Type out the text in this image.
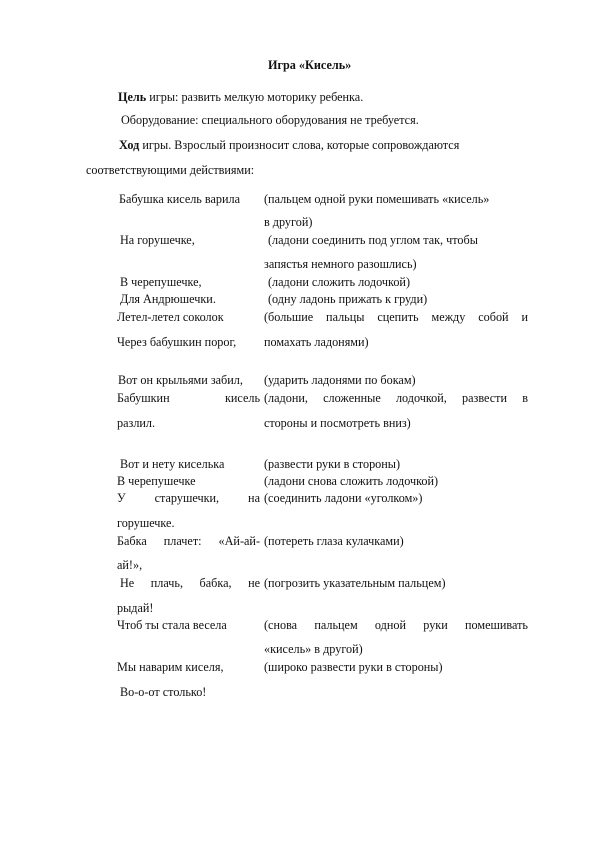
Игра «Кисель»

Цель игры: развить мелкую моторику ребенка.

Оборудование: специального оборудования не требуется.

Ход игры. Взрослый произносит слова, которые сопровождаются

соответствующими действиями:

Бабушка кисель варила

На горушечке,

В черепушечке,

Для Андрюшечки.

Летел-летел соколок

Через бабушкин порог,

Вот он крыльями забил,

Бабушкин кисель

разлил.

Вот и нету киселька

В черепушечке

У старушечки, на

горушечке.

Бабка плачет: «Ай-ай-

ай!»,

Не плачь, бабка, не

рыдай!

Чтоб ты стала весела

Мы наварим киселя,

Во-о-от столько!

(пальцем одной руки помешивать «кисель»

в другой)

(ладони соединить под углом так, чтобы

запястья немного разошлись)

(ладони сложить лодочкой)

(одну ладонь прижать к груди)

(большие пальцы сцепить между собой и

помахать ладонями)

(ударить ладонями по бокам)

(ладони, сложенные лодочкой, развести в

стороны и посмотреть вниз)

(развести руки в стороны)

(ладони снова сложить лодочкой)

(соединить ладони «уголком»)

(потереть глаза кулачками)

(погрозить указательным пальцем)

(снова пальцем одной руки помешивать

«кисель» в другой)

(широко развести руки в стороны)
